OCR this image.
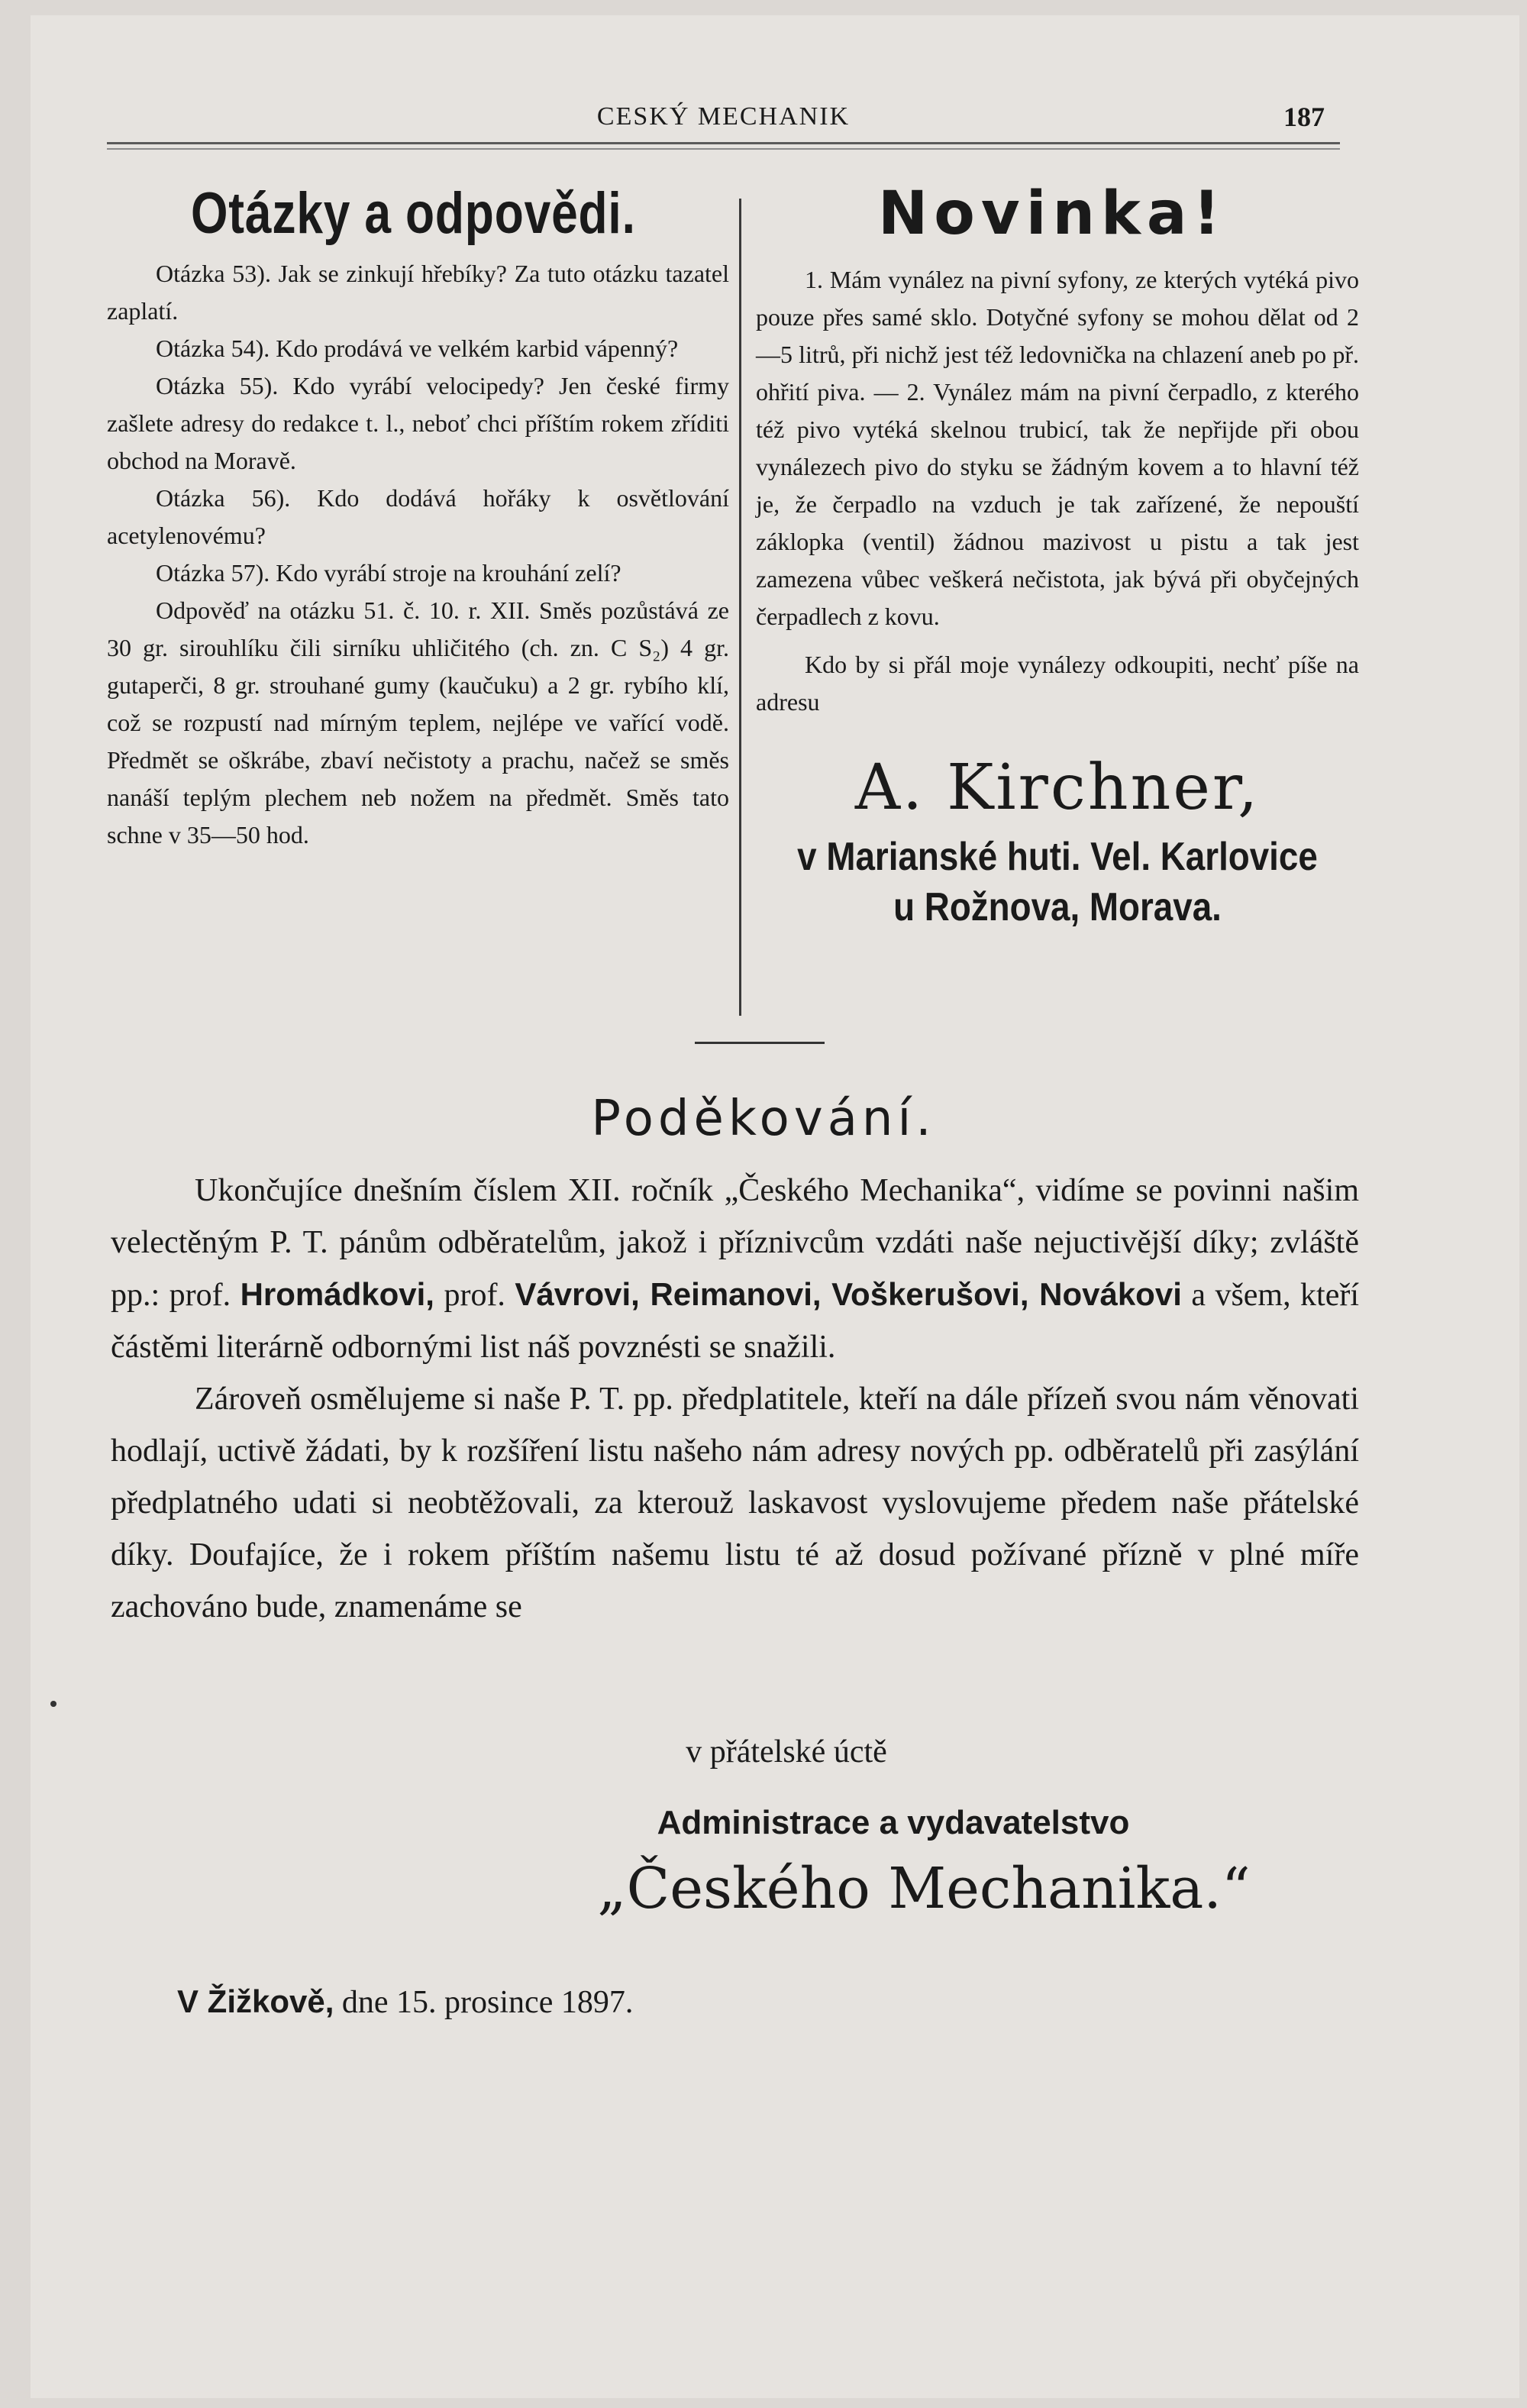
CESKÝ MECHANIK	187
Otázky a odpovědi.

Otázka 53). Jak se zinkují hřebíky? Za tuto otázku tazatel zaplatí.

Otázka 54). Kdo prodává ve velkém karbid vápenný?

Otázka 55). Kdo vyrábí velocipedy? Jen české firmy zašlete adresy do redakce t. l., neboť chci příštím rokem zříditi obchod na Moravě.

Otázka 56). Kdo dodává hořáky k osvětlování acetylenovému?

Otázka 57). Kdo vyrábí stroje na krouhání zelí?

Odpověď na otázku 51. č. 10. r. XII. Směs pozůstává ze 30 gr. sirouhlíku čili sirníku uhličitého (ch. zn. C S₂) 4 gr. gutaperči, 8 gr. strouhané gumy (kaučuku) a 2 gr. rybího klí, což se rozpustí nad mírným teplem, nejlépe ve vařící vodě. Předmět se oškrábe, zbaví nečistoty a prachu, načež se směs nanáší teplým plechem neb nožem na předmět. Směs tato schne v 35—50 hod.

Novinka!

1. Mám vynález na pivní syfony, ze kterých vytéká pivo pouze přes samé sklo. Dotyčné syfony se mohou dělat od 2—5 litrů, při nichž jest též ledovnička na chlazení aneb po př. ohřití piva. — 2. Vynález mám na pivní čerpadlo, z kterého též pivo vytéká skelnou trubicí, tak že nepřijde při obou vynálezech pivo do styku se žádným kovem a to hlavní též je, že čerpadlo na vzduch je tak zařízené, že nepouští záklopka (ventil) žádnou mazivost u pistu a tak jest zamezena vůbec veškerá nečistota, jak bývá při obyčejných čerpadlech z kovu.

Kdo by si přál moje vynálezy odkoupiti, nechť píše na adresu

A. Kirchner,
v Marianské huti. Vel. Karlovice
u Rožnova, Morava.
Poděkování.

Ukončujíce dnešním číslem XII. ročník „Českého Mechanika“, vidíme se povinni našim velectěným P. T. pánům odběratelům, jakož i příznivcům vzdáti naše nejuctivější díky; zvláště pp.: prof. Hromádkovi, prof. Vávrovi, Reimanovi, Voškerušovi, Novákovi a všem, kteří částěmi literárně odbornými list náš povznésti se snažili.

Zároveň osmělujeme si naše P. T. pp. předplatitele, kteří na dále přízeň svou nám věnovati hodlají, uctivě žádati, by k rozšíření listu našeho nám adresy nových pp. odběratelů při zasýlání předplatného udati si neobtěžovali, za kterouž laskavost vyslovujeme předem naše přátelské díky. Doufajíce, že i rokem příštím našemu listu té až dosud požívané přízně v plné míře zachováno bude, znamenáme se

v přátelské úctě
Administrace a vydavatelstvo
„Českého Mechanika.“
V Žižkově, dne 15. prosince 1897.
